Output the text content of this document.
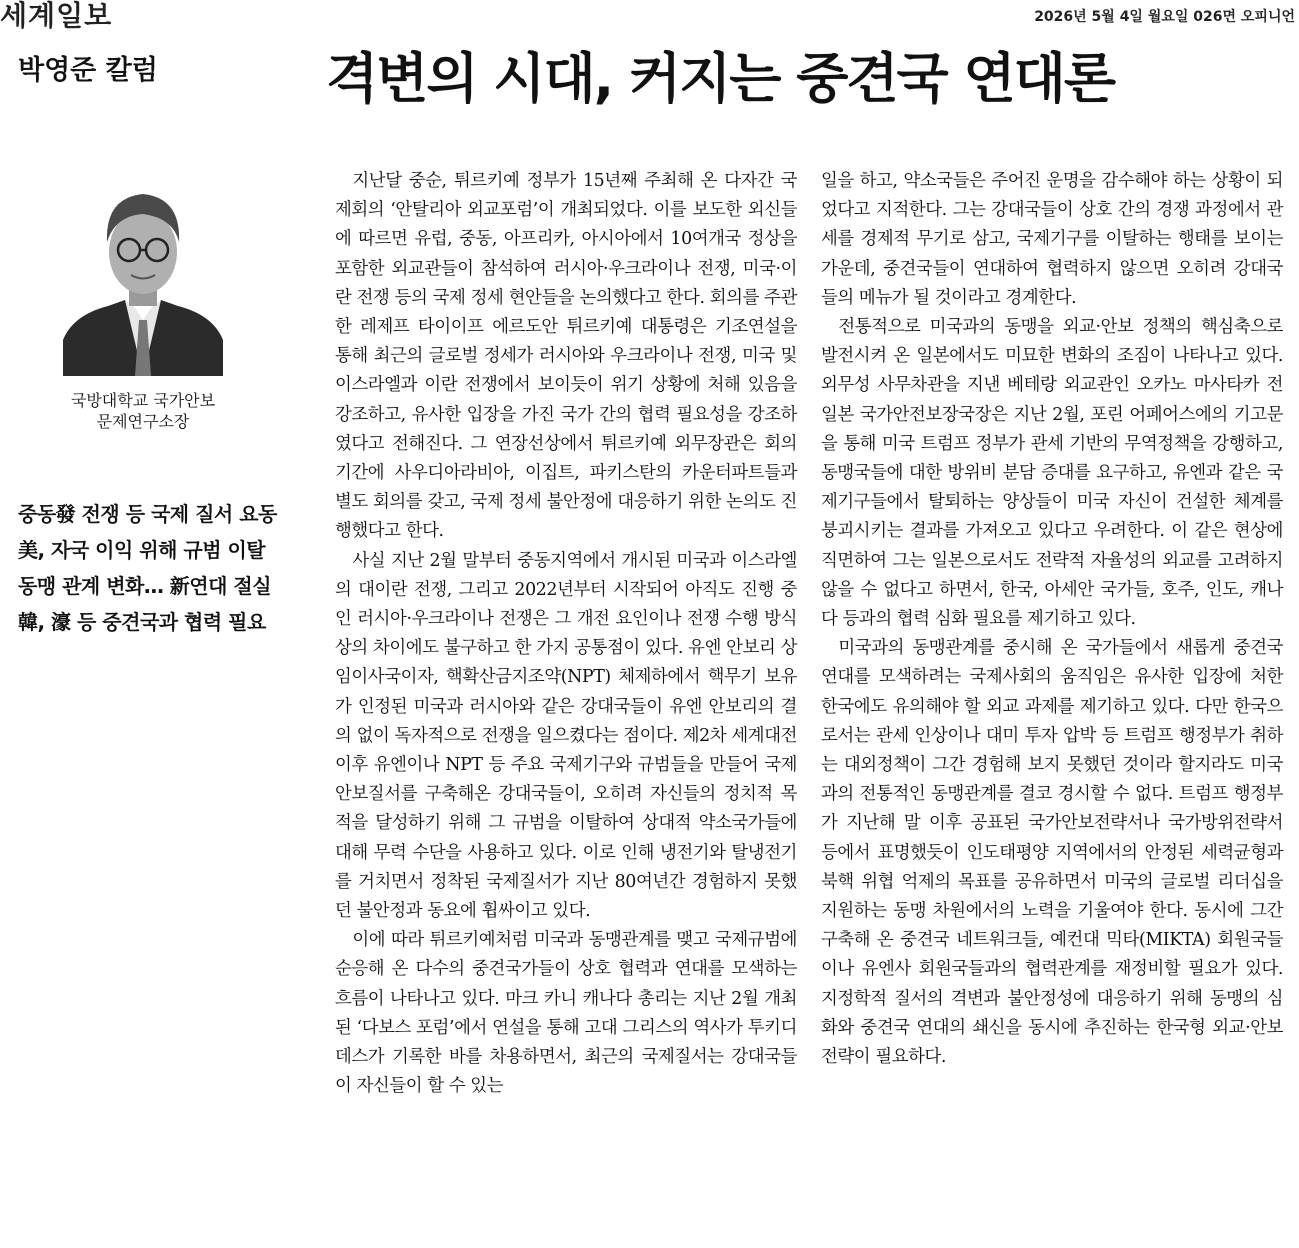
세계일보	2026년 5월 4일 월요일 026면 오피니언
박영준 칼럼	격변의 시대, 커지는 중견국 연대론
국방대학교 국가안보
문제연구소장
중동發 전쟁 등 국제 질서 요동
美, 자국 이익 위해 규범 이탈
동맹 관계 변화… 新연대 절실
韓, 濠 등 중견국과 협력 필요

지난달 중순, 튀르키예 정부가 15년째 주최해 온 다자간 국제회의 ‘안탈리아 외교포럼’이 개최되었다. 이를 보도한 외신들에 따르면 유럽, 중동, 아프리카, 아시아에서 10여개국 정상을 포함한 외교관들이 참석하여 러시아·우크라이나 전쟁, 미국·이란 전쟁 등의 국제 정세 현안들을 논의했다고 한다. 회의를 주관한 레제프 타이이프 에르도안 튀르키예 대통령은 기조연설을 통해 최근의 글로벌 정세가 러시아와 우크라이나 전쟁, 미국 및 이스라엘과 이란 전쟁에서 보이듯이 위기 상황에 처해 있음을 강조하고, 유사한 입장을 가진 국가 간의 협력 필요성을 강조하였다고 전해진다. 그 연장선상에서 튀르키예 외무장관은 회의 기간에 사우디아라비아, 이집트, 파키스탄의 카운터파트들과 별도 회의를 갖고, 국제 정세 불안정에 대응하기 위한 논의도 진행했다고 한다.

사실 지난 2월 말부터 중동지역에서 개시된 미국과 이스라엘의 대이란 전쟁, 그리고 2022년부터 시작되어 아직도 진행 중인 러시아·우크라이나 전쟁은 그 개전 요인이나 전쟁 수행 방식상의 차이에도 불구하고 한 가지 공통점이 있다. 유엔 안보리 상임이사국이자, 핵확산금지조약(NPT) 체제하에서 핵무기 보유가 인정된 미국과 러시아와 같은 강대국들이 유엔 안보리의 결의 없이 독자적으로 전쟁을 일으켰다는 점이다. 제2차 세계대전 이후 유엔이나 NPT 등 주요 국제기구와 규범들을 만들어 국제안보질서를 구축해온 강대국들이, 오히려 자신들의 정치적 목적을 달성하기 위해 그 규범을 이탈하여 상대적 약소국가들에 대해 무력 수단을 사용하고 있다. 이로 인해 냉전기와 탈냉전기를 거치면서 정착된 국제질서가 지난 80여년간 경험하지 못했던 불안정과 동요에 휩싸이고 있다.

이에 따라 튀르키예처럼 미국과 동맹관계를 맺고 국제규범에 순응해 온 다수의 중견국가들이 상호 협력과 연대를 모색하는 흐름이 나타나고 있다. 마크 카니 캐나다 총리는 지난 2월 개최된 ‘다보스 포럼’에서 연설을 통해 고대 그리스의 역사가 투키디데스가 기록한 바를 차용하면서, 최근의 국제질서는 강대국들이 자신들이 할 수 있는

일을 하고, 약소국들은 주어진 운명을 감수해야 하는 상황이 되었다고 지적한다. 그는 강대국들이 상호 간의 경쟁 과정에서 관세를 경제적 무기로 삼고, 국제기구를 이탈하는 행태를 보이는 가운데, 중견국들이 연대하여 협력하지 않으면 오히려 강대국들의 메뉴가 될 것이라고 경계한다.

전통적으로 미국과의 동맹을 외교·안보 정책의 핵심축으로 발전시켜 온 일본에서도 미묘한 변화의 조짐이 나타나고 있다. 외무성 사무차관을 지낸 베테랑 외교관인 오카노 마사타카 전 일본 국가안전보장국장은 지난 2월, 포린 어페어스에의 기고문을 통해 미국 트럼프 정부가 관세 기반의 무역정책을 강행하고, 동맹국들에 대한 방위비 분담 증대를 요구하고, 유엔과 같은 국제기구들에서 탈퇴하는 양상들이 미국 자신이 건설한 체계를 붕괴시키는 결과를 가져오고 있다고 우려한다. 이 같은 현상에 직면하여 그는 일본으로서도 전략적 자율성의 외교를 고려하지 않을 수 없다고 하면서, 한국, 아세안 국가들, 호주, 인도, 캐나다 등과의 협력 심화 필요를 제기하고 있다.

미국과의 동맹관계를 중시해 온 국가들에서 새롭게 중견국 연대를 모색하려는 국제사회의 움직임은 유사한 입장에 처한 한국에도 유의해야 할 외교 과제를 제기하고 있다. 다만 한국으로서는 관세 인상이나 대미 투자 압박 등 트럼프 행정부가 취하는 대외정책이 그간 경험해 보지 못했던 것이라 할지라도 미국과의 전통적인 동맹관계를 결코 경시할 수 없다. 트럼프 행정부가 지난해 말 이후 공표된 국가안보전략서나 국가방위전략서 등에서 표명했듯이 인도태평양 지역에서의 안정된 세력균형과 북핵 위협 억제의 목표를 공유하면서 미국의 글로벌 리더십을 지원하는 동맹 차원에서의 노력을 기울여야 한다. 동시에 그간 구축해 온 중견국 네트워크들, 예컨대 믹타(MIKTA) 회원국들이나 유엔사 회원국들과의 협력관계를 재정비할 필요가 있다. 지정학적 질서의 격변과 불안정성에 대응하기 위해 동맹의 심화와 중견국 연대의 쇄신을 동시에 추진하는 한국형 외교·안보 전략이 필요하다.
